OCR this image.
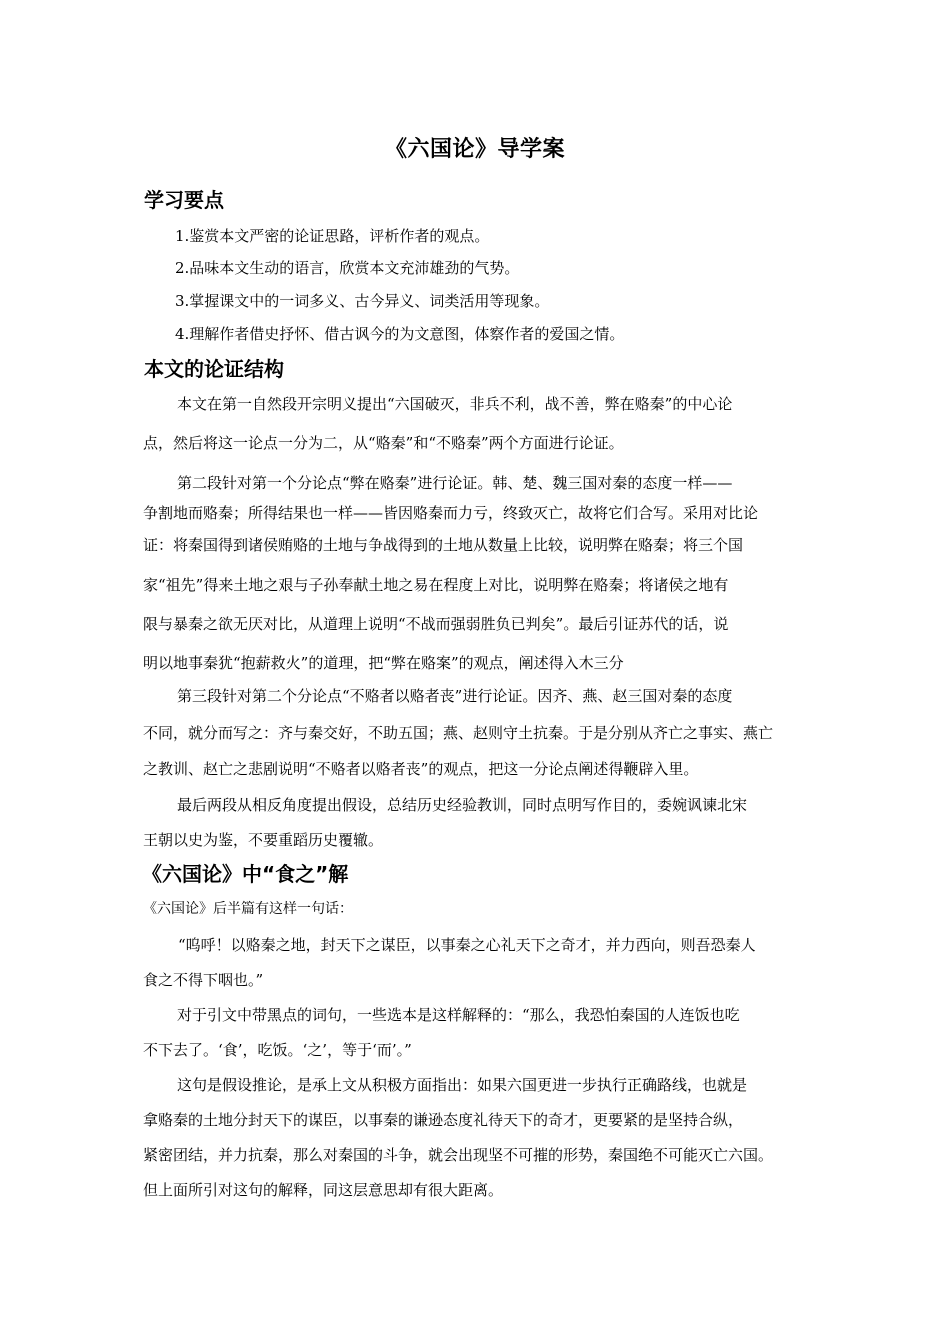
《六国论》导学案
学习要点
1.鉴赏本文严密的论证思路，评析作者的观点。
2.品味本文生动的语言，欣赏本文充沛雄劲的气势。
3.掌握课文中的一词多义、古今异义、词类活用等现象。
4.理解作者借史抒怀、借古讽今的为文意图，体察作者的爱国之情。
本文的论证结构
本文在第一自然段开宗明义提出“六国破灭，非兵不利，战不善，弊在赂秦”的中心论
点，然后将这一论点一分为二，从“赂秦”和“不赂秦”两个方面进行论证。
第二段针对第一个分论点“弊在赂秦”进行论证。韩、楚、魏三国对秦的态度一样——
争割地而赂秦；所得结果也一样——皆因赂秦而力亏，终致灭亡，故将它们合写。采用对比论
证：将秦国得到诸侯贿赂的土地与争战得到的土地从数量上比较，说明弊在赂秦；将三个国
家“祖先”得来土地之艰与子孙奉献土地之易在程度上对比，说明弊在赂秦；将诸侯之地有
限与暴秦之欲无厌对比，从道理上说明“不战而强弱胜负已判矣”。最后引证苏代的话，说
明以地事秦犹“抱薪救火”的道理，把“弊在赂案”的观点，阐述得入木三分
第三段针对第二个分论点“不赂者以赂者丧”进行论证。因齐、燕、赵三国对秦的态度
不同，就分而写之：齐与秦交好，不助五国；燕、赵则守土抗秦。于是分别从齐亡之事实、燕亡
之教训、赵亡之悲剧说明“不赂者以赂者丧”的观点，把这一分论点阐述得鞭辟入里。
最后两段从相反角度提出假设，总结历史经验教训，同时点明写作目的，委婉讽谏北宋
王朝以史为鉴，不要重蹈历史覆辙。
《六国论》中“食之”解
《六国论》后半篇有这样一句话：
“呜呼！以赂秦之地，封天下之谋臣，以事秦之心礼天下之奇才，并力西向，则吾恐秦人
食之不得下咽也。”
对于引文中带黑点的词句，一些选本是这样解释的：“那么，我恐怕秦国的人连饭也吃
不下去了。‘食’，吃饭。‘之’，等于‘而’。”
这句是假设推论，是承上文从积极方面指出：如果六国更进一步执行正确路线，也就是
拿赂秦的土地分封天下的谋臣，以事秦的谦逊态度礼待天下的奇才，更要紧的是坚持合纵，
紧密团结，并力抗秦，那么对秦国的斗争，就会出现坚不可摧的形势，秦国绝不可能灭亡六国。
但上面所引对这句的解释，同这层意思却有很大距离。
